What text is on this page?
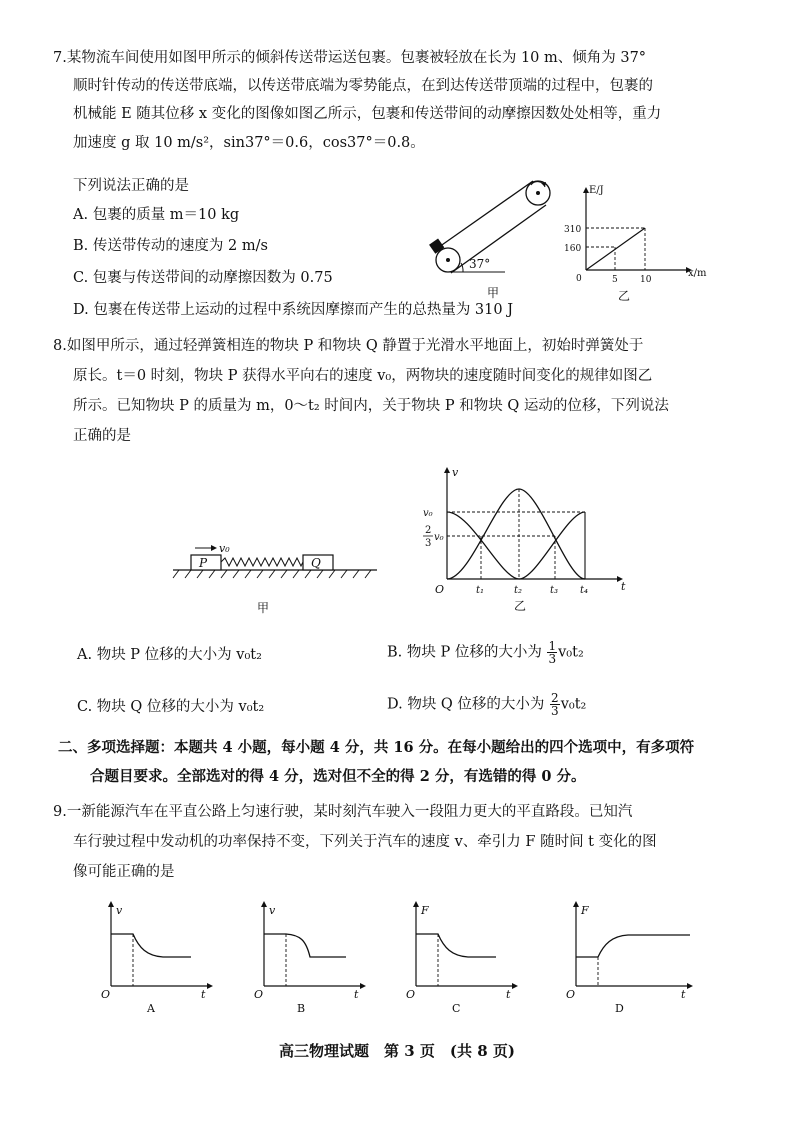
7.某物流车间使用如图甲所示的倾斜传送带运送包裹。包裹被轻放在长为 10 m、倾角为 37°
顺时针传动的传送带底端，以传送带底端为零势能点，在到达传送带顶端的过程中，包裹的
机械能 E 随其位移 x 变化的图像如图乙所示，包裹和传送带间的动摩擦因数处处相等，重力
加速度 g 取 10 m/s²，sin37°＝0.6，cos37°＝0.8。
下列说法正确的是
A. 包裹的质量 m＝10 kg
B. 传送带传动的速度为 2 m/s
C. 包裹与传送带间的动摩擦因数为 0.75
D. 包裹在传送带上运动的过程中系统因摩擦而产生的总热量为 310 J
37°
甲
E/J
x/m
0
310
160
5 10
乙
8.如图甲所示，通过轻弹簧相连的物块 P 和物块 Q 静置于光滑水平地面上，初始时弹簧处于
原长。t＝0 时刻，物块 P 获得水平向右的速度 v₀，两物块的速度随时间变化的规律如图乙
所示。已知物块 P 的质量为 m，0～t₂ 时间内，关于物块 P 和物块 Q 运动的位移，下列说法
正确的是
P	Q
v₀
甲
v
t
O
v₀
2
3
v₀
t₁	t₂	t₃ t₄
乙
A. 物块 P 位移的大小为 v₀t₂	B. 物块 P 位移的大小为 $\frac{1}{3} v_0t_2$
C. 物块 Q 位移的大小为 v₀t₂	D. 物块 Q 位移的大小为 $\frac{2}{3} v_0t_2$
二、多项选择题：本题共 4 小题，每小题 4 分，共 16 分。在每小题给出的四个选项中，有多项符
合题目要求。全部选对的得 4 分，选对但不全的得 2 分，有选错的得 0 分。
9.一新能源汽车在平直公路上匀速行驶，某时刻汽车驶入一段阻力更大的平直路段。已知汽
车行驶过程中发动机的功率保持不变，下列关于汽车的速度 v、牵引力 F 随时间 t 变化的图
像可能正确的是
v
O	t
A
v
O	t
B
F
O	t
C
F
O	t
D
高三物理试题　第 3 页　(共 8 页)
